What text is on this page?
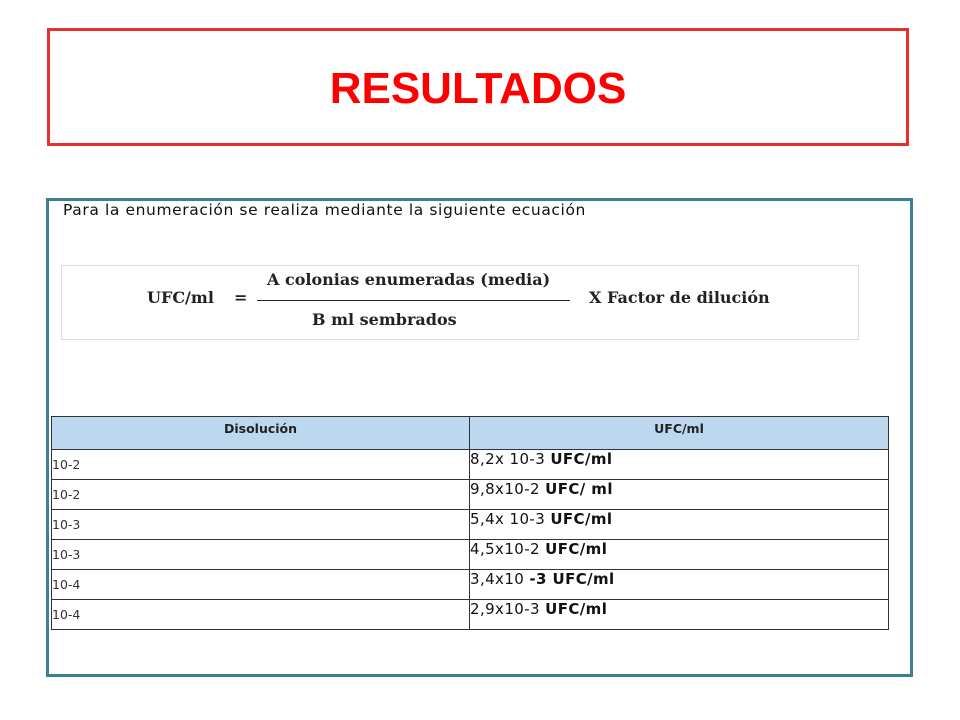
RESULTADOS
Para la enumeración se realiza mediante la siguiente ecuación
UFC/ml =
A colonias enumeradas (media)
B ml sembrados
X Factor de dilución
Disolución	UFC/ml
10-2	8,2x 10-3 UFC/ml
10-2	9,8x10-2 UFC/ ml
10-3	5,4x 10-3 UFC/ml
10-3	4,5x10-2 UFC/ml
10-4	3,4x10 -3 UFC/ml
10-4	2,9x10-3 UFC/ml
